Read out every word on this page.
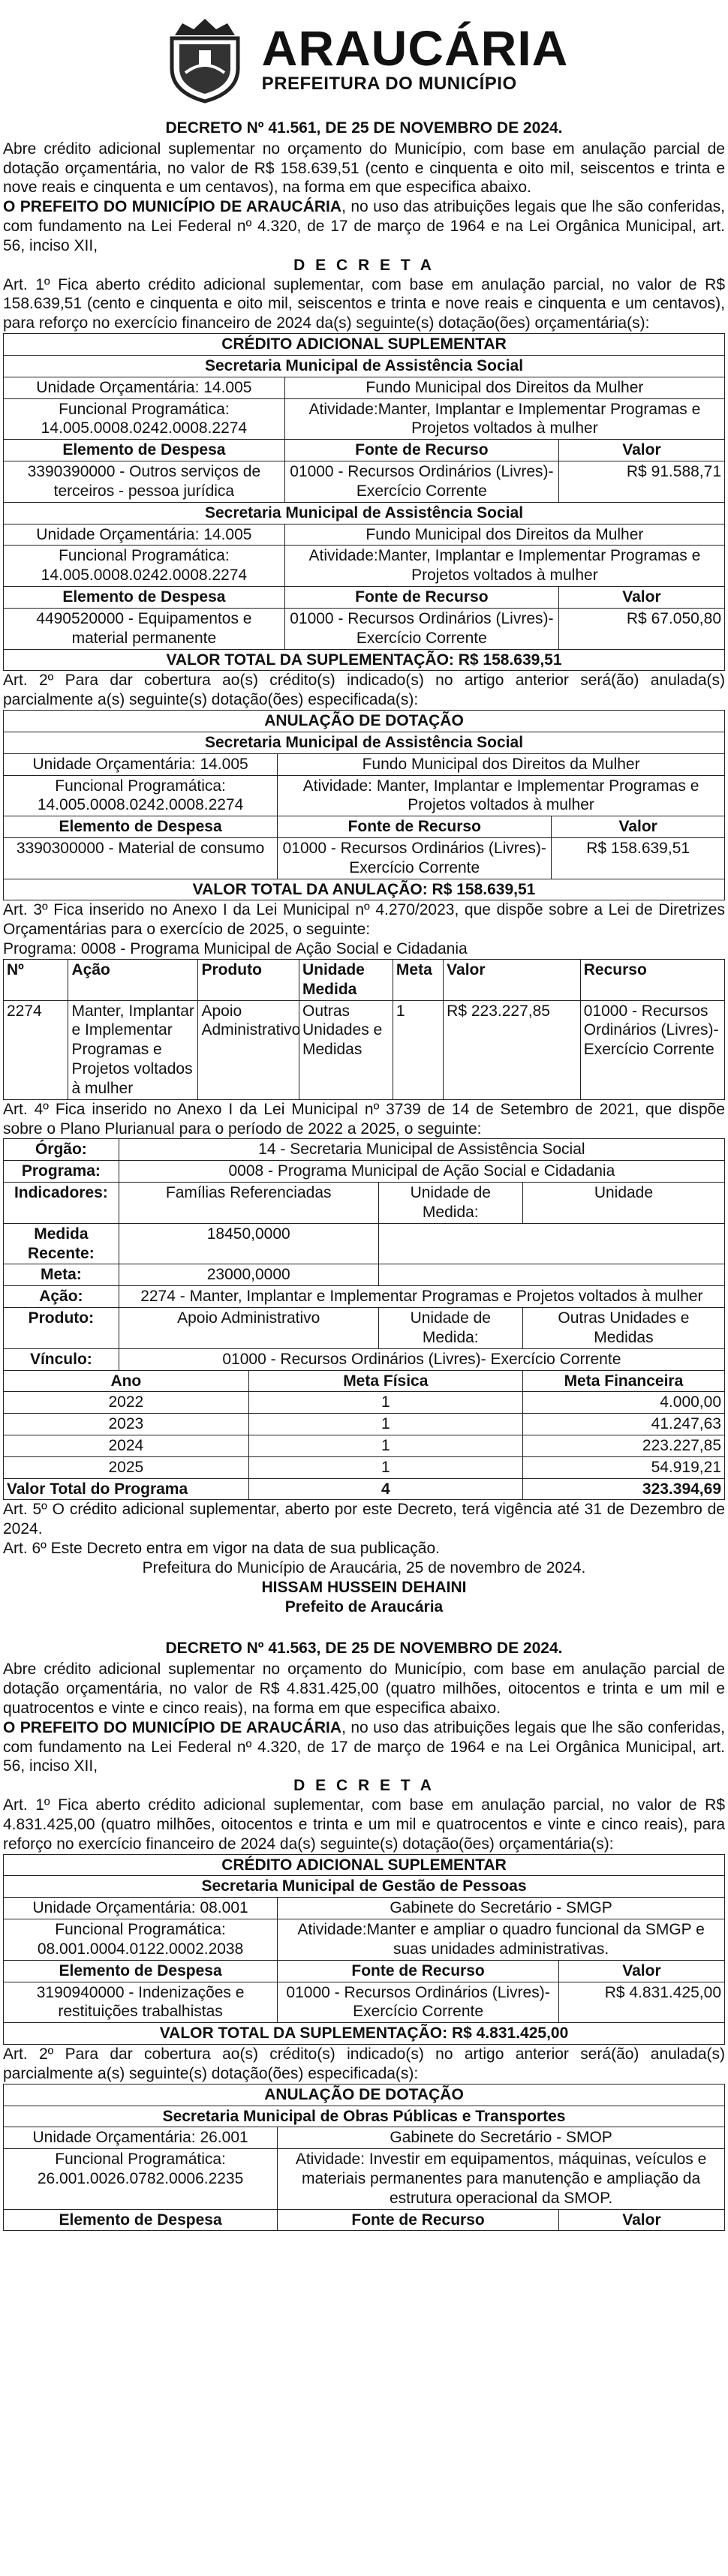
ARAUCÁRIA
PREFEITURA DO MUNICÍPIO
DECRETO Nº 41.561, DE 25 DE NOVEMBRO DE 2024.

Abre crédito adicional suplementar no orçamento do Município, com base em anulação parcial de dotação orçamentária, no valor de R$ 158.639,51 (cento e cinquenta e oito mil, seiscentos e trinta e nove reais e cinquenta e um centavos), na forma em que especifica abaixo.

O PREFEITO DO MUNICÍPIO DE ARAUCÁRIA, no uso das atribuições legais que lhe são conferidas, com fundamento na Lei Federal nº 4.320, de 17 de março de 1964 e na Lei Orgânica Municipal, art. 56, inciso XII,

D E C R E T A

Art. 1º Fica aberto crédito adicional suplementar, com base em anulação parcial, no valor de R$ 158.639,51 (cento e cinquenta e oito mil, seiscentos e trinta e nove reais e cinquenta e um centavos), para reforço no exercício financeiro de 2024 da(s) seguinte(s) dotação(ões) orçamentária(s):

CRÉDITO ADICIONAL SUPLEMENTAR		
Secretaria Municipal de Assistência Social		
Unidade Orçamentária: 14.005	Fundo Municipal dos Direitos da Mulher	
Funcional Programática: 14.005.0008.0242.0008.2274	Atividade:Manter, Implantar e Implementar Programas e Projetos voltados à mulher	
Elemento de Despesa	Fonte de Recurso	Valor
3390390000 - Outros serviços de terceiros - pessoa jurídica	01000 - Recursos Ordinários (Livres)- Exercício Corrente	R$ 91.588,71
Secretaria Municipal de Assistência Social		
Unidade Orçamentária: 14.005	Fundo Municipal dos Direitos da Mulher	
Funcional Programática: 14.005.0008.0242.0008.2274	Atividade:Manter, Implantar e Implementar Programas e Projetos voltados à mulher	
Elemento de Despesa	Fonte de Recurso	Valor
4490520000 - Equipamentos e material permanente	01000 - Recursos Ordinários (Livres)- Exercício Corrente	R$ 67.050,80
VALOR TOTAL DA SUPLEMENTAÇÃO: R$ 158.639,51		

Art. 2º Para dar cobertura ao(s) crédito(s) indicado(s) no artigo anterior será(ão) anulada(s) parcialmente a(s) seguinte(s) dotação(ões) especificada(s):

ANULAÇÃO DE DOTAÇÃO		
Secretaria Municipal de Assistência Social		
Unidade Orçamentária: 14.005	Fundo Municipal dos Direitos da Mulher	
Funcional Programática: 14.005.0008.0242.0008.2274	Atividade: Manter, Implantar e Implementar Programas e Projetos voltados à mulher	
Elemento de Despesa	Fonte de Recurso	Valor
3390300000 - Material de consumo	01000 - Recursos Ordinários (Livres)- Exercício Corrente	R$ 158.639,51
VALOR TOTAL DA ANULAÇÃO: R$ 158.639,51		

Art. 3º Fica inserido no Anexo I da Lei Municipal nº 4.270/2023, que dispõe sobre a Lei de Diretrizes Orçamentárias para o exercício de 2025, o seguinte:

Programa: 0008 - Programa Municipal de Ação Social e Cidadania

Nº	Ação	Produto	Unidade Medida	Meta	Valor	Recurso
2274	Manter, Implantar e Implementar Programas e Projetos voltados à mulher	Apoio Administrativo	Outras Unidades e Medidas	1	R$ 223.227,85	01000 - Recursos Ordinários (Livres)- Exercício Corrente

Art. 4º Fica inserido no Anexo I da Lei Municipal nº 3739 de 14 de Setembro de 2021, que dispõe sobre o Plano Plurianual para o período de 2022 a 2025, o seguinte:

Órgão:	14 - Secretaria Municipal de Assistência Social			
Programa:	0008 - Programa Municipal de Ação Social e Cidadania			
Indicadores:	Famílias Referenciadas		Unidade de Medida:	Unidade
Medida Recente:	18450,0000			
Meta:	23000,0000			
Ação:	2274 - Manter, Implantar e Implementar Programas e Projetos voltados à mulher			
Produto:	Apoio Administrativo		Unidade de Medida:	Outras Unidades e Medidas
Vínculo:	01000 - Recursos Ordinários (Livres)- Exercício Corrente			
Ano		Meta Física		Meta Financeira
2022		1		4.000,00
2023		1		41.247,63
2024		1		223.227,85
2025		1		54.919,21
Valor Total do Programa		4		323.394,69

Art. 5º O crédito adicional suplementar, aberto por este Decreto, terá vigência até 31 de Dezembro de 2024.

Art. 6º Este Decreto entra em vigor na data de sua publicação.

Prefeitura do Município de Araucária, 25 de novembro de 2024.
HISSAM HUSSEIN DEHAINI
Prefeito de Araucária
DECRETO Nº 41.563, DE 25 DE NOVEMBRO DE 2024.

Abre crédito adicional suplementar no orçamento do Município, com base em anulação parcial de dotação orçamentária, no valor de R$ 4.831.425,00 (quatro milhões, oitocentos e trinta e um mil e quatrocentos e vinte e cinco reais), na forma em que especifica abaixo.

O PREFEITO DO MUNICÍPIO DE ARAUCÁRIA, no uso das atribuições legais que lhe são conferidas, com fundamento na Lei Federal nº 4.320, de 17 de março de 1964 e na Lei Orgânica Municipal, art. 56, inciso XII,

D E C R E T A

Art. 1º Fica aberto crédito adicional suplementar, com base em anulação parcial, no valor de R$ 4.831.425,00 (quatro milhões, oitocentos e trinta e um mil e quatrocentos e vinte e cinco reais), para reforço no exercício financeiro de 2024 da(s) seguinte(s) dotação(ões) orçamentária(s):

CRÉDITO ADICIONAL SUPLEMENTAR		
Secretaria Municipal de Gestão de Pessoas		
Unidade Orçamentária: 08.001	Gabinete do Secretário - SMGP	
Funcional Programática: 08.001.0004.0122.0002.2038	Atividade:Manter e ampliar o quadro funcional da SMGP e suas unidades administrativas.	
Elemento de Despesa	Fonte de Recurso	Valor
3190940000 - Indenizações e restituições trabalhistas	01000 - Recursos Ordinários (Livres)- Exercício Corrente	R$ 4.831.425,00
VALOR TOTAL DA SUPLEMENTAÇÃO: R$ 4.831.425,00		

Art. 2º Para dar cobertura ao(s) crédito(s) indicado(s) no artigo anterior será(ão) anulada(s) parcialmente a(s) seguinte(s) dotação(ões) especificada(s):

ANULAÇÃO DE DOTAÇÃO		
Secretaria Municipal de Obras Públicas e Transportes		
Unidade Orçamentária: 26.001	Gabinete do Secretário - SMOP	
Funcional Programática: 26.001.0026.0782.0006.2235	Atividade: Investir em equipamentos, máquinas, veículos e materiais permanentes para manutenção e ampliação da estrutura operacional da SMOP.	
Elemento de Despesa	Fonte de Recurso	Valor
